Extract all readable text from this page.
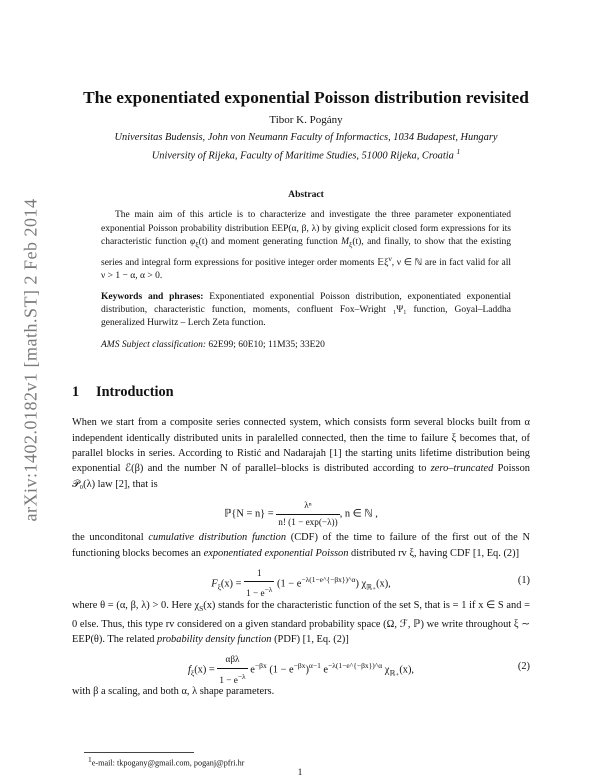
arXiv:1402.0182v1 [math.ST] 2 Feb 2014
The exponentiated exponential Poisson distribution revisited
Tibor K. Pogány
Universitas Budensis, John von Neumann Faculty of Informactics, 1034 Budapest, Hungary
University of Rijeka, Faculty of Maritime Studies, 51000 Rijeka, Croatia $^1$
Abstract

The main aim of this article is to characterize and investigate the three parameter exponentiated exponential Poisson probability distribution EEP(α, β, λ) by giving explicit closed form expressions for its characteristic function $\varphi_\xi(t)$ and moment generating function $M_\xi(t)$, and finally, to show that the existing series and integral form expressions for positive integer order moments 𝔼ξ$^\nu$, ν ∈ ℕ are in fact valid for all ν > 1 − α, α > 0.

Keywords and phrases: Exponentiated exponential Poisson distribution, exponentiated exponential distribution, characteristic function, moments, confluent Fox–Wright ₁Ψ₁ function, Goyal–Laddha generalized Hurwitz – Lerch Zeta function.

AMS Subject classification: 62E99; 60E10; 11M35; 33E20

1 Introduction

When we start from a composite series connected system, which consists form several blocks built from α independent identically distributed units in paralelled connected, then the time to failure ξ becomes that, of parallel blocks in series. According to Ristić and Nadarajah [1] the starting units lifetime distribution being exponential ℰ(β) and the number N of parallel–blocks is distributed according to zero–truncated Poisson 𝒫₀(λ) law [2], that is

ℙ{N = $n\} = \frac{\text{λⁿ}}{n! (1 - \exp(-\lambda))}$ , n ∈ ℕ ,

the unconditonal cumulative distribution function (CDF) of the time to failure of the first out of the N functioning blocks becomes an exponentiated exponential Poisson distributed rv ξ, having CDF [1, Eq. (2)]

$F_\xi(x) = \frac{1}{1 - e^{-\lambda}} (1 - e^{-\lambda(1-e\^{}\{-\beta x\})\^{}\alpha})$ $\chi_{ℝ_+}(x)$,	(1)

where θ = (α, β, λ) > 0. Here $\chi_S(x)$ stands for the characteristic function of the set S, that is = 1 if x ∈ S and = 0 else. Thus, this type rv considered on a given standard probability space (Ω, ℱ, ℙ) we write throughout ξ ∼ EEP(θ). The related probability density function (PDF) [1, Eq. (2)]

$f_\xi(x) = \frac{\text{αβλ}}{1 - e^{-\lambda}} e^{-\beta x}$ $(1 - e^{-\beta x})^{\alpha-1}$ $e^{-\lambda(1-e\^{}\{-\beta x\})\^{}\alpha}$ $\chi_{ℝ_+}(x)$,	(2)

with β a scaling, and both α, λ shape parameters.

$^1$e-mail: tkpogany@gmail.com, poganj@pfri.hr
1
